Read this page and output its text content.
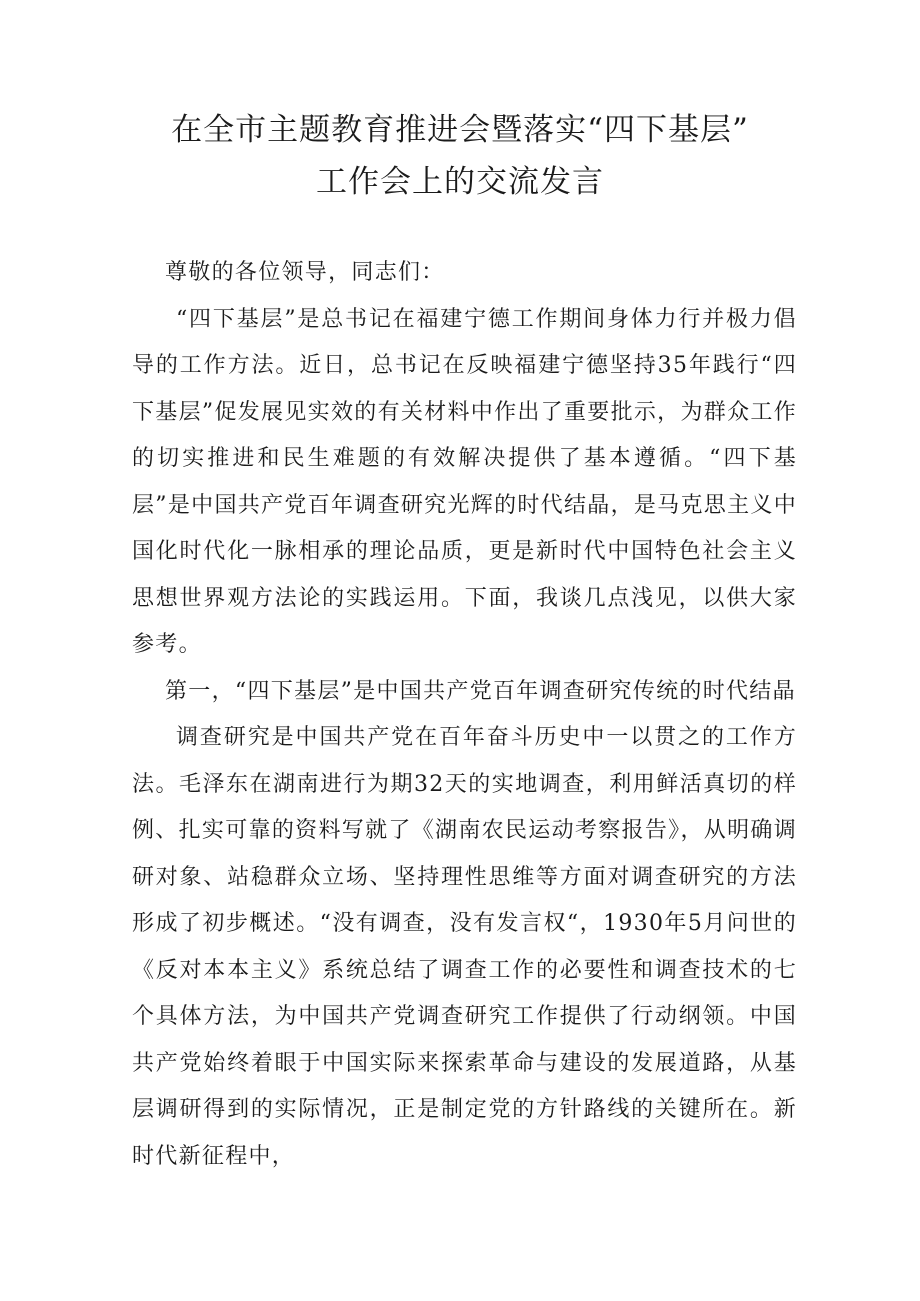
在全市主题教育推进会暨落实“四下基层”
工作会上的交流发言

尊敬的各位领导，同志们：

“四下基层”是总书记在福建宁德工作期间身体力行并极力倡导的工作方法。近日，总书记在反映福建宁德坚持35年践行“四下基层”促发展见实效的有关材料中作出了重要批示，为群众工作的切实推进和民生难题的有效解决提供了基本遵循。“四下基层”是中国共产党百年调查研究光辉的时代结晶，是马克思主义中国化时代化一脉相承的理论品质，更是新时代中国特色社会主义思想世界观方法论的实践运用。下面，我谈几点浅见，以供大家参考。

第一，“四下基层”是中国共产党百年调查研究传统的时代结晶

调查研究是中国共产党在百年奋斗历史中一以贯之的工作方法。毛泽东在湖南进行为期32天的实地调查，利用鲜活真切的样例、扎实可靠的资料写就了《湖南农民运动考察报告》，从明确调研对象、站稳群众立场、坚持理性思维等方面对调查研究的方法形成了初步概述。“没有调查，没有发言权“，1930年5月问世的《反对本本主义》系统总结了调查工作的必要性和调查技术的七个具体方法，为中国共产党调查研究工作提供了行动纲领。中国共产党始终着眼于中国实际来探索革命与建设的发展道路，从基层调研得到的实际情况，正是制定党的方针路线的关键所在。新时代新征程中，
